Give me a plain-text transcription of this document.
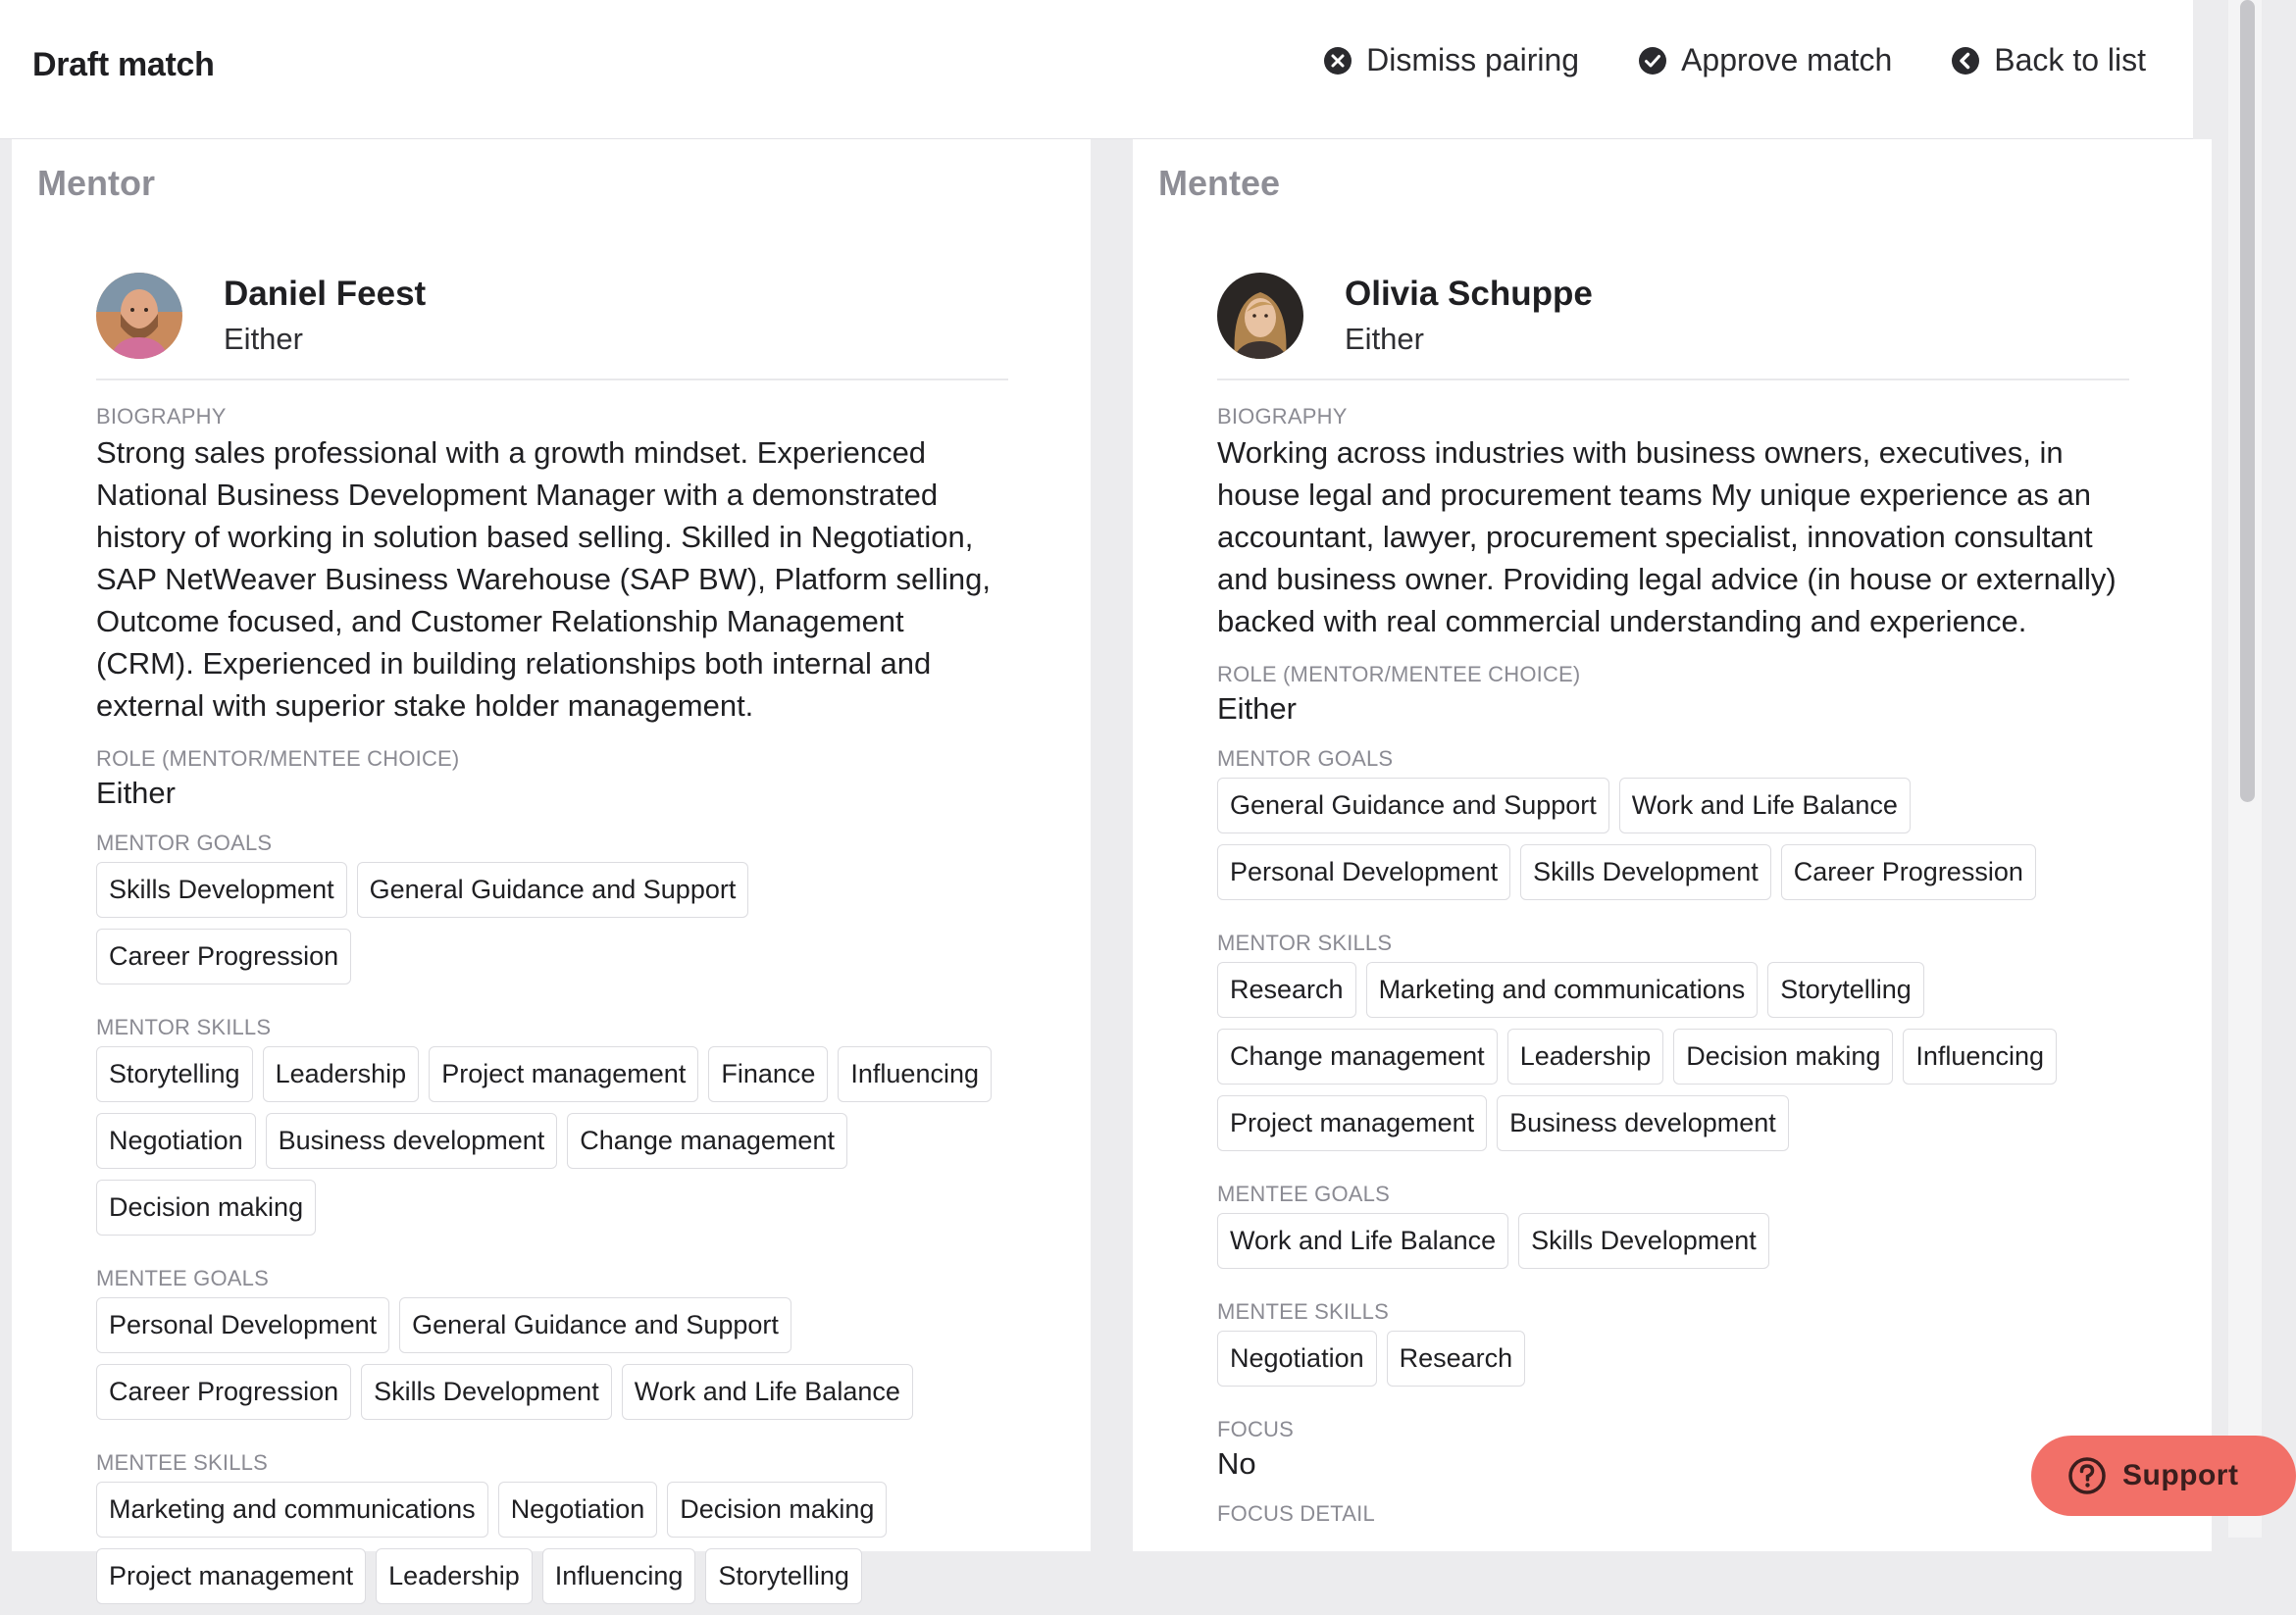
Draft match	Dismiss pairing	Approve match	Back to list
Mentor
Daniel Feest
Either
BIOGRAPHY
Strong sales professional with a growth mindset. Experienced National Business Development Manager with a demonstrated history of working in solution based selling. Skilled in Negotiation, SAP NetWeaver Business Warehouse (SAP BW), Platform selling, Outcome focused, and Customer Relationship Management (CRM). Experienced in building relationships both internal and external with superior stake holder management.
ROLE (MENTOR/MENTEE CHOICE)
Either
MENTOR GOALS
Skills Development	General Guidance and Support
Career Progression
MENTOR SKILLS
Storytelling	Leadership	Project management	Finance	Influencing
Negotiation	Business development	Change management
Decision making
MENTEE GOALS
Personal Development	General Guidance and Support
Career Progression	Skills Development	Work and Life Balance
MENTEE SKILLS
Marketing and communications	Negotiation	Decision making
Project management	Leadership	Influencing	Storytelling
Mentee
Olivia Schuppe
Either
BIOGRAPHY
Working across industries with business owners, executives, in house legal and procurement teams My unique experience as an accountant, lawyer, procurement specialist, innovation consultant and business owner. Providing legal advice (in house or externally) backed with real commercial understanding and experience.
ROLE (MENTOR/MENTEE CHOICE)
Either
MENTOR GOALS
General Guidance and Support	Work and Life Balance
Personal Development	Skills Development	Career Progression
MENTOR SKILLS
Research	Marketing and communications	Storytelling
Change management	Leadership	Decision making	Influencing
Project management	Business development
MENTEE GOALS
Work and Life Balance	Skills Development
MENTEE SKILLS
Negotiation	Research
FOCUS
No
FOCUS DETAIL
Support
